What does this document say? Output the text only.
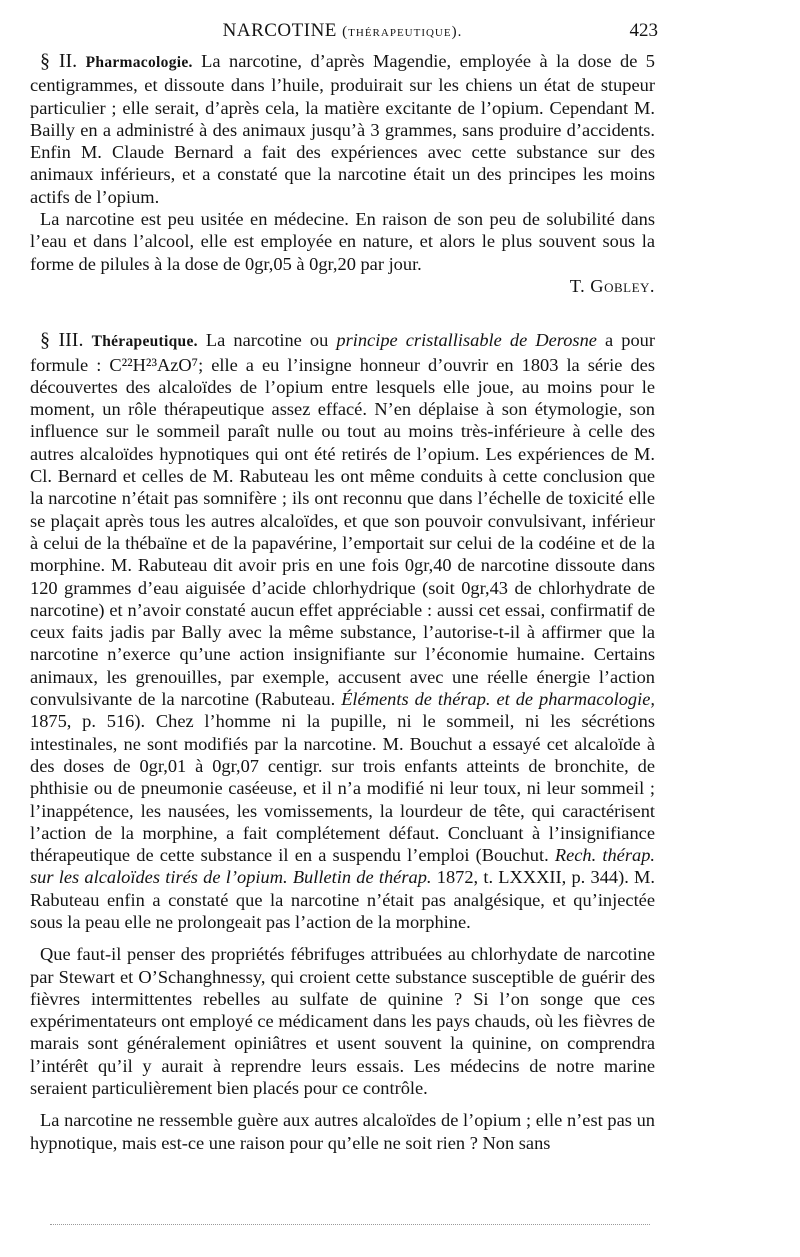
NARCOTINE (thérapeutique).	423

§ II. Pharmacologie. La narcotine, d’après Magendie, employée à la dose de 5 centigrammes, et dissoute dans l’huile, produirait sur les chiens un état de stupeur particulier ; elle serait, d’après cela, la matière excitante de l’opium. Cependant M. Bailly en a administré à des animaux jusqu’à 3 grammes, sans produire d’accidents. Enfin M. Claude Bernard a fait des expériences avec cette substance sur des animaux inférieurs, et a constaté que la narcotine était un des principes les moins actifs de l’opium.

La narcotine est peu usitée en médecine. En raison de son peu de solubilité dans l’eau et dans l’alcool, elle est employée en nature, et alors le plus souvent sous la forme de pilules à la dose de 0gr,05 à 0gr,20 par jour.

T. Gobley.

§ III. Thérapeutique. La narcotine ou principe cristallisable de Derosne a pour formule : C²²H²³AzO⁷; elle a eu l’insigne honneur d’ouvrir en 1803 la série des découvertes des alcaloïdes de l’opium entre lesquels elle joue, au moins pour le moment, un rôle thérapeutique assez effacé. N’en déplaise à son étymologie, son influence sur le sommeil paraît nulle ou tout au moins très-inférieure à celle des autres alcaloïdes hypnotiques qui ont été retirés de l’opium. Les expériences de M. Cl. Bernard et celles de M. Rabuteau les ont même conduits à cette conclusion que la narcotine n’était pas somnifère ; ils ont reconnu que dans l’échelle de toxicité elle se plaçait après tous les autres alcaloïdes, et que son pouvoir convulsivant, inférieur à celui de la thébaïne et de la papavérine, l’emportait sur celui de la codéine et de la morphine. M. Rabuteau dit avoir pris en une fois 0gr,40 de narcotine dissoute dans 120 grammes d’eau aiguisée d’acide chlorhydrique (soit 0gr,43 de chlorhydrate de narcotine) et n’avoir constaté aucun effet appréciable : aussi cet essai, confirmatif de ceux faits jadis par Bally avec la même substance, l’autorise-t-il à affirmer que la narcotine n’exerce qu’une action insignifiante sur l’économie humaine. Certains animaux, les grenouilles, par exemple, accusent avec une réelle énergie l’action convulsivante de la narcotine (Rabuteau. Éléments de thérap. et de pharmacologie, 1875, p. 516). Chez l’homme ni la pupille, ni le sommeil, ni les sécrétions intestinales, ne sont modifiés par la narcotine. M. Bouchut a essayé cet alcaloïde à des doses de 0gr,01 à 0gr,07 centigr. sur trois enfants atteints de bronchite, de phthisie ou de pneumonie caséeuse, et il n’a modifié ni leur toux, ni leur sommeil ; l’inappétence, les nausées, les vomissements, la lourdeur de tête, qui caractérisent l’action de la morphine, a fait complétement défaut. Concluant à l’insignifiance thérapeutique de cette substance il en a suspendu l’emploi (Bouchut. Rech. thérap. sur les alcaloïdes tirés de l’opium. Bulletin de thérap. 1872, t. LXXXII, p. 344). M. Rabuteau enfin a constaté que la narcotine n’était pas analgésique, et qu’injectée sous la peau elle ne prolongeait pas l’action de la morphine.

Que faut-il penser des propriétés fébrifuges attribuées au chlorhydate de narcotine par Stewart et O’Schanghnessy, qui croient cette substance susceptible de guérir des fièvres intermittentes rebelles au sulfate de quinine ? Si l’on songe que ces expérimentateurs ont employé ce médicament dans les pays chauds, où les fièvres de marais sont généralement opiniâtres et usent souvent la quinine, on comprendra l’intérêt qu’il y aurait à reprendre leurs essais. Les médecins de notre marine seraient particulièrement bien placés pour ce contrôle.

La narcotine ne ressemble guère aux autres alcaloïdes de l’opium ; elle n’est pas un hypnotique, mais est-ce une raison pour qu’elle ne soit rien ? Non sans
